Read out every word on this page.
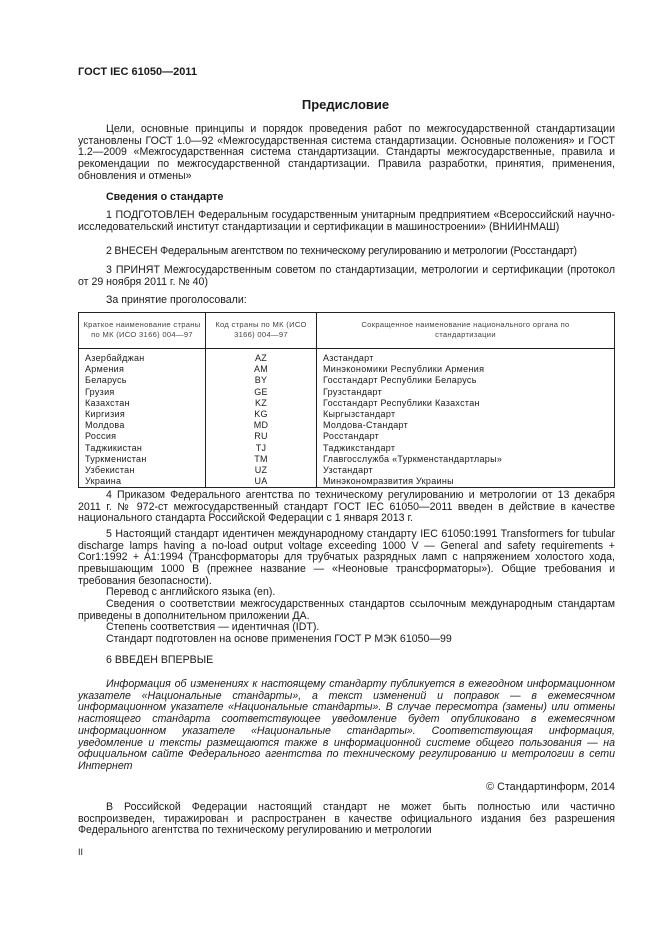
ГОСТ IEC 61050—2011
Предисловие
Цели, основные принципы и порядок проведения работ по межгосударственной стандартизации установлены ГОСТ 1.0—92 «Межгосударственная система стандартизации. Основные положения» и ГОСТ 1.2—2009 «Межгосударственная система стандартизации. Стандарты межгосударственные, правила и рекомендации по межгосударственной стандартизации. Правила разработки, принятия, применения, обновления и отмены»
Сведения о стандарте
1 ПОДГОТОВЛЕН Федеральным государственным унитарным предприятием «Всероссийский научно-исследовательский институт стандартизации и сертификации в машиностроении» (ВНИИНМАШ)
2 ВНЕСЕН Федеральным агентством по техническому регулированию и метрологии (Росстандарт)
3 ПРИНЯТ Межгосударственным советом по стандартизации, метрологии и сертификации (протокол от 29 ноября 2011 г. № 40)
За принятие проголосовали:
Краткое наименование страны по МК (ИСО 3166) 004—97	Код страны по МК (ИСО 3166) 004—97	Сокращенное наименование национального органа по стандартизации
Азербайджан	AZ	Азстандарт
Армения	AM	Минэкономики Республики Армения
Беларусь	BY	Госстандарт Республики Беларусь
Грузия	GE	Грузстандарт
Казахстан	KZ	Госстандарт Республики Казахстан
Киргизия	KG	Кыргызстандарт
Молдова	MD	Молдова-Стандарт
Россия	RU	Росстандарт
Таджикистан	TJ	Таджикстандарт
Туркменистан	TM	Главгосслужба «Туркменстандартлары»
Узбекистан	UZ	Узстандарт
Украина	UA	Минэкономразвития Украины
4 Приказом Федерального агентства по техническому регулированию и метрологии от 13 декабря 2011 г. № 972-ст межгосударственный стандарт ГОСТ IEC 61050—2011 введен в действие в качестве национального стандарта Российской Федерации с 1 января 2013 г.
5 Настоящий стандарт идентичен международному стандарту IEC 61050:1991 Transformers for tubular discharge lamps having a no-load output voltage exceeding 1000 V — General and safety requirements + Cor1:1992 + A1:1994 (Трансформаторы для трубчатых разрядных ламп с напряжением холостого хода, превышающим 1000 В (прежнее название — «Неоновые трансформаторы»). Общие требования и требования безопасности).
Перевод с английского языка (en).
Сведения о соответствии межгосударственных стандартов ссылочным международным стандартам приведены в дополнительном приложении ДА.
Степень соответствия — идентичная (IDT).
Стандарт подготовлен на основе применения ГОСТ Р МЭК 61050—99
6 ВВЕДЕН ВПЕРВЫЕ
Информация об изменениях к настоящему стандарту публикуется в ежегодном информационном указателе «Национальные стандарты», а текст изменений и поправок — в ежемесячном информационном указателе «Национальные стандарты». В случае пересмотра (замены) или отмены настоящего стандарта соответствующее уведомление будет опубликовано в ежемесячном информационном указателе «Национальные стандарты». Соответствующая информация, уведомление и тексты размещаются также в информационной системе общего пользования — на официальном сайте Федерального агентства по техническому регулированию и метрологии в сети Интернет
© Стандартинформ, 2014
В Российской Федерации настоящий стандарт не может быть полностью или частично воспроизведен, тиражирован и распространен в качестве официального издания без разрешения Федерального агентства по техническому регулированию и метрологии
II
